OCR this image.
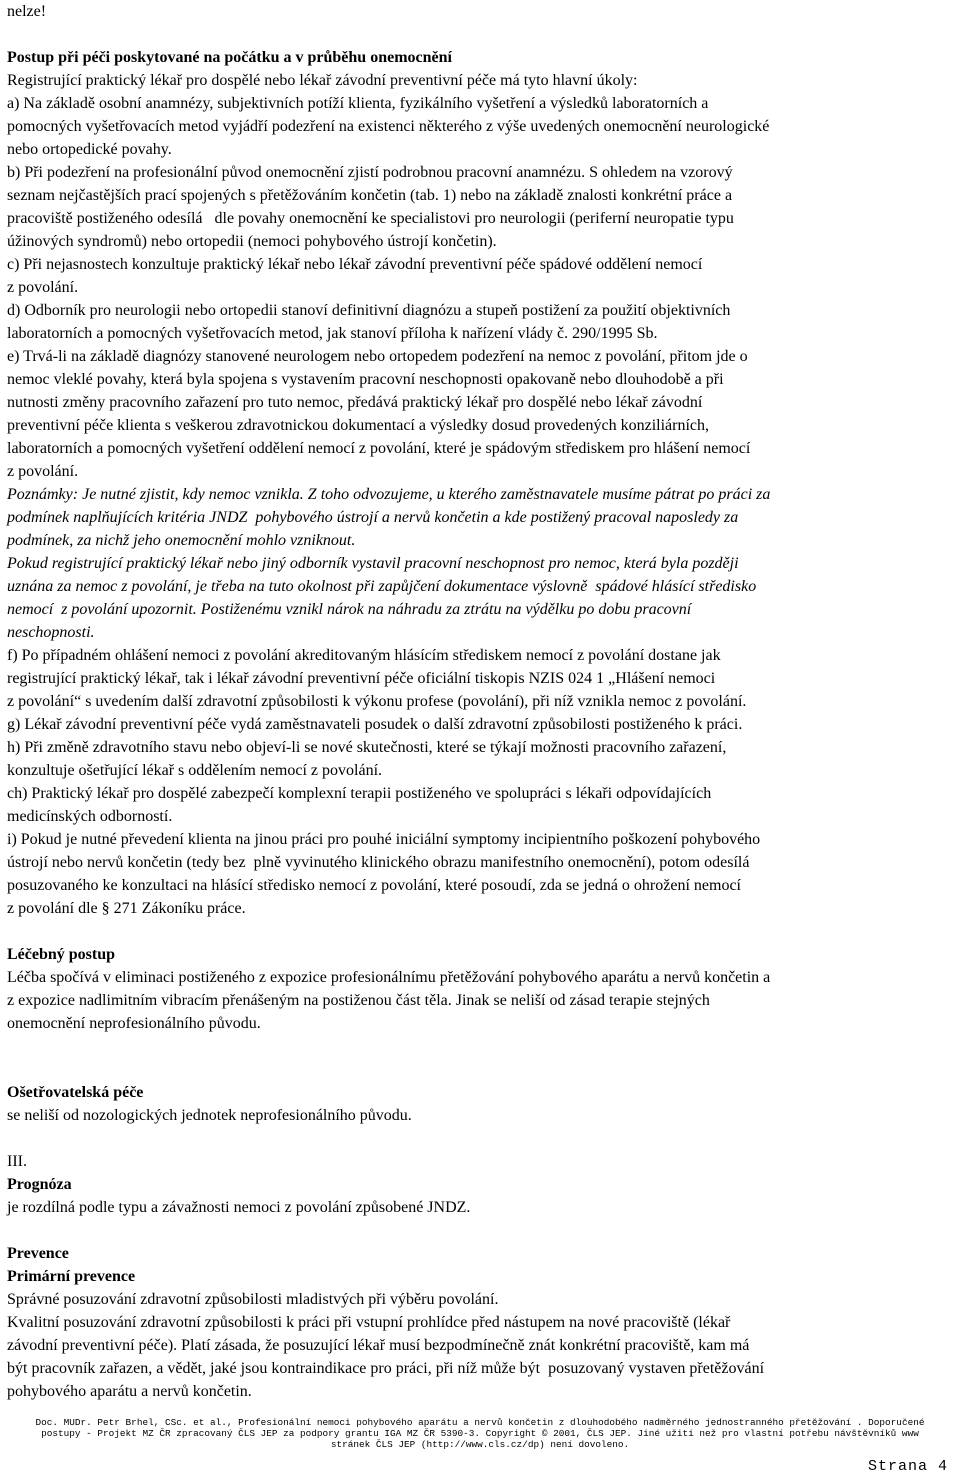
nelze!
Postup při péči poskytované na počátku a v průběhu onemocnění
Registrující praktický lékař pro dospělé nebo lékař závodní preventivní péče má tyto hlavní úkoly:
a) Na základě osobní anamnézy, subjektivních potíží klienta, fyzikálního vyšetření a výsledků laboratorních a
pomocných vyšetřovacích metod vyjádří podezření na existenci některého z výše uvedených onemocnění neurologické
nebo ortopedické povahy.
b) Při podezření na profesionální původ onemocnění zjistí podrobnou pracovní anamnézu. S ohledem na vzorový
seznam nejčastějších prací spojených s přetěžováním končetin (tab. 1) nebo na základě znalosti konkrétní práce a
pracoviště postiženého odesílá   dle povahy onemocnění ke specialistovi pro neurologii (periferní neuropatie typu
úžinových syndromů) nebo ortopedii (nemoci pohybového ústrojí končetin).
c) Při nejasnostech konzultuje praktický lékař nebo lékař závodní preventivní péče spádové oddělení nemocí
z povolání.
d) Odborník pro neurologii nebo ortopedii stanoví definitivní diagnózu a stupeň postižení za použití objektivních
laboratorních a pomocných vyšetřovacích metod, jak stanoví příloha k nařízení vlády č. 290/1995 Sb.
e) Trvá-li na základě diagnózy stanovené neurologem nebo ortopedem podezření na nemoc z povolání, přitom jde o
nemoc vleklé povahy, která byla spojena s vystavením pracovní neschopnosti opakovaně nebo dlouhodobě a při
nutnosti změny pracovního zařazení pro tuto nemoc, předává praktický lékař pro dospělé nebo lékař závodní
preventivní péče klienta s veškerou zdravotnickou dokumentací a výsledky dosud provedených konziliárních,
laboratorních a pomocných vyšetření oddělení nemocí z povolání, které je spádovým střediskem pro hlášení nemocí
z povolání.
Poznámky: Je nutné zjistit, kdy nemoc vznikla. Z toho odvozujeme, u kterého zaměstnavatele musíme pátrat po práci za
podmínek naplňujících kritéria JNDZ  pohybového ústrojí a nervů končetin a kde postižený pracoval naposledy za
podmínek, za nichž jeho onemocnění mohlo vzniknout.
Pokud registrující praktický lékař nebo jiný odborník vystavil pracovní neschopnost pro nemoc, která byla později
uznána za nemoc z povolání, je třeba na tuto okolnost při zapůjčení dokumentace výslovně  spádové hlásící středisko
nemocí  z povolání upozornit. Postiženému vznikl nárok na náhradu za ztrátu na výdělku po dobu pracovní
neschopnosti.
f) Po případném ohlášení nemoci z povolání akreditovaným hlásícím střediskem nemocí z povolání dostane jak
registrující praktický lékař, tak i lékař závodní preventivní péče oficiální tiskopis NZIS 024 1 „Hlášení nemoci
z povolání“ s uvedením další zdravotní způsobilosti k výkonu profese (povolání), při níž vznikla nemoc z povolání.
g) Lékař závodní preventivní péče vydá zaměstnavateli posudek o další zdravotní způsobilosti postiženého k práci.
h) Při změně zdravotního stavu nebo objeví-li se nové skutečnosti, které se týkají možnosti pracovního zařazení,
konzultuje ošetřující lékař s oddělením nemocí z povolání.
ch) Praktický lékař pro dospělé zabezpečí komplexní terapii postiženého ve spolupráci s lékaři odpovídajících
medicínských odborností.
i) Pokud je nutné převedení klienta na jinou práci pro pouhé iniciální symptomy incipientního poškození pohybového
ústrojí nebo nervů končetin (tedy bez  plně vyvinutého klinického obrazu manifestního onemocnění), potom odesílá
posuzovaného ke konzultaci na hlásící středisko nemocí z povolání, které posoudí, zda se jedná o ohrožení nemocí
z povolání dle § 271 Zákoníku práce.
Léčebný postup
Léčba spočívá v eliminaci postiženého z expozice profesionálnímu přetěžování pohybového aparátu a nervů končetin a
z expozice nadlimitním vibracím přenášeným na postiženou část těla. Jinak se neliší od zásad terapie stejných
onemocnění neprofesionálního původu.
Ošetřovatelská péče
se neliší od nozologických jednotek neprofesionálního původu.
III.
Prognóza
je rozdílná podle typu a závažnosti nemoci z povolání způsobené JNDZ.
Prevence
Primární prevence
Správné posuzování zdravotní způsobilosti mladistvých při výběru povolání.
Kvalitní posuzování zdravotní způsobilosti k práci při vstupní prohlídce před nástupem na nové pracoviště (lékař
závodní preventivní péče). Platí zásada, že posuzující lékař musí bezpodmínečně znát konkrétní pracoviště, kam má
být pracovník zařazen, a vědět, jaké jsou kontraindikace pro práci, při níž může být  posuzovaný vystaven přetěžování
pohybového aparátu a nervů končetin.
Doc. MUDr. Petr Brhel, CSc. et al., Profesionální nemoci pohybového aparátu a nervů končetin z dlouhodobého nadměrného jednostranného přetěžování . Doporučené
postupy - Projekt MZ ČR zpracovaný ČLS JEP za podpory grantu IGA MZ ČR 5390-3. Copyright © 2001, ČLS JEP. Jiné užití než pro vlastní potřebu návštěvníků www
stránek ČLS JEP (http://www.cls.cz/dp) není dovoleno.
Strana 4
